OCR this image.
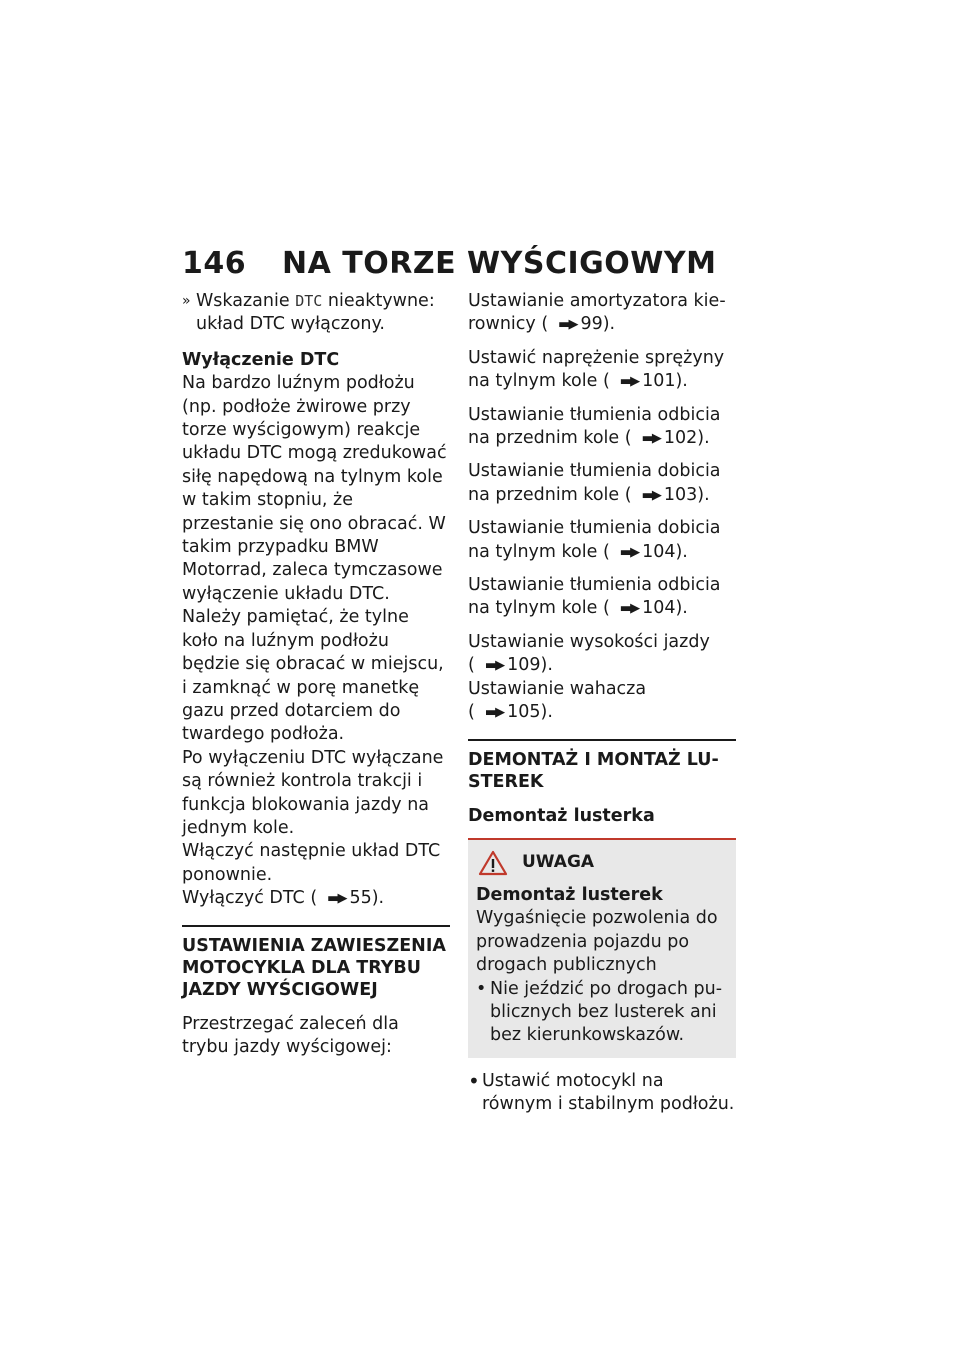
146 NA TORZE WYŚCIGOWYM

» Wskazanie DTC nieaktywne: układ DTC wyłączony.

Wyłączenie DTC

Na bardzo luźnym podłożu (np. podłoże żwirowe przy torze wyścigowym) reakcje układu DTC mogą zredukować siłę napędową na tylnym kole w takim stopniu, że przestanie się ono obracać. W takim przypadku BMW Motorrad, zaleca tymczasowe wyłączenie układu DTC.

Należy pamiętać, że tylne koło na luźnym podłożu będzie się obracać w miejscu, i zamknąć w porę manetkę gazu przed dotarciem do twardego podłoża.

Po wyłączeniu DTC wyłączane są również kontrola trakcji i funkcja blokowania jazdy na jednym kole.

Włączyć następnie układ DTC ponownie.

Wyłączyć DTC ( ▬▶ 55).

USTAWIENIA ZAWIESZENIA MOTOCYKLA DLA TRYBU JAZDY WYŚCIGOWEJ

Przestrzegać zaleceń dla trybu jazdy wyścigowej:

Ustawianie amortyzatora kierownicy ( ▬▶ 99).

Ustawić naprężenie sprężyny na tylnym kole ( ▬▶ 101).

Ustawianie tłumienia odbicia na przednim kole ( ▬▶ 102).

Ustawianie tłumienia dobicia na przednim kole ( ▬▶ 103).

Ustawianie tłumienia dobicia na tylnym kole ( ▬▶ 104).

Ustawianie tłumienia odbicia na tylnym kole ( ▬▶ 104).

Ustawianie wysokości jazdy ( ▬▶ 109).

Ustawianie wahacza ( ▬▶ 105).

DEMONTAŻ I MONTAŻ LUSTEREK

Demontaż lusterka

UWAGA

Demontaż lusterek

Wygaśnięcie pozwolenia do prowadzenia pojazdu po drogach publicznych

• Nie jeździć po drogach publicznych bez lusterek ani bez kierunkowskazów.

• Ustawić motocykl na równym i stabilnym podłożu.
